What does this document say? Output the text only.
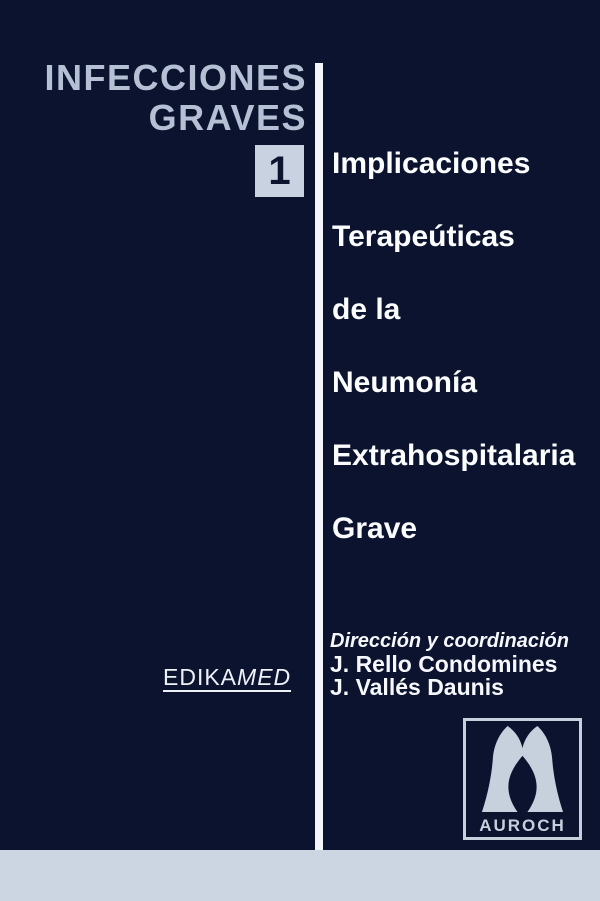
INFECCIONES
GRAVES
1 Implicaciones
Terapeúticas
de la
Neumonía
Extrahospitalaria
Grave
Dirección y coordinación
J. Rello Condomines
J. Vallés Daunis
EDIKAMED
AUROCH
